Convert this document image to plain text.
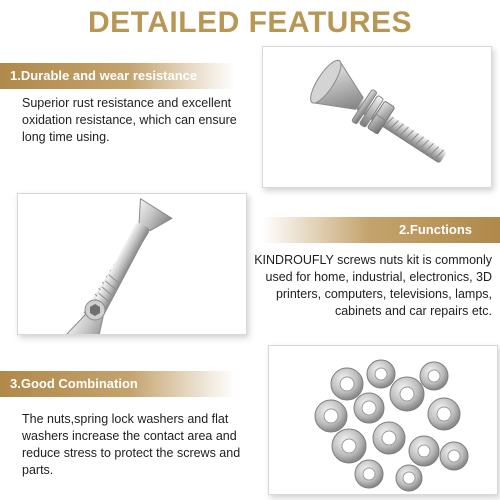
DETAILED FEATURES
1.Durable and wear resistance
Superior rust resistance and excellent oxidation resistance, which can ensure long time using.
2.Functions
KINDROUFLY screws nuts kit is commonly used for home, industrial, electronics, 3D printers, computers, televisions, lamps, cabinets and car repairs etc.
3.Good Combination
The nuts,spring lock washers and flat washers increase the contact area and reduce stress to protect the screws and parts.
